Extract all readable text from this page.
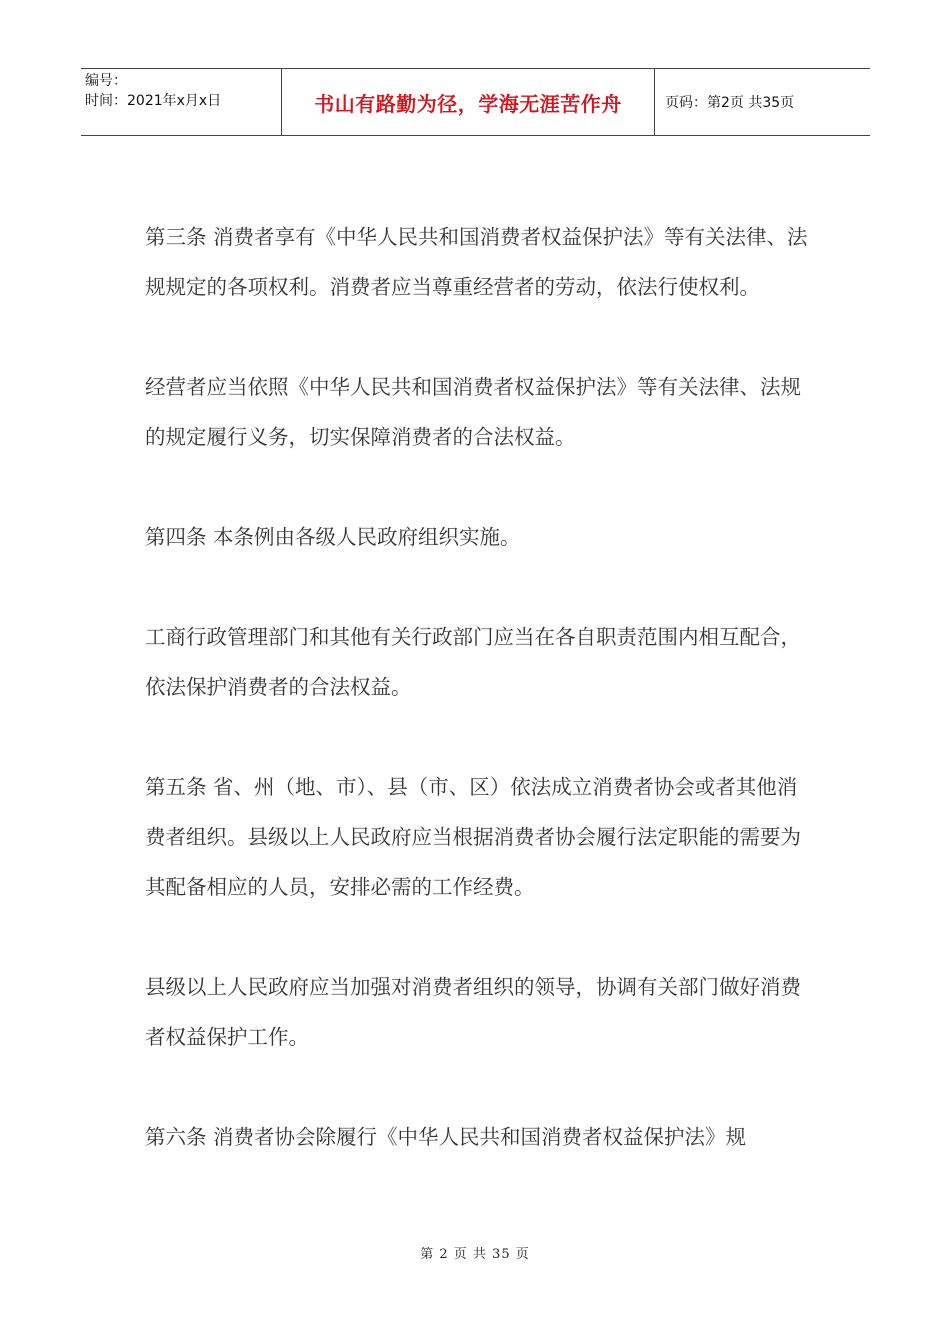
编号：
时间：2021年x月x日	书山有路勤为径，学海无涯苦作舟	页码：第2页 共35页

第三条 消费者享有《中华人民共和国消费者权益保护法》等有关法律、法规规定的各项权利。消费者应当尊重经营者的劳动，依法行使权利。

经营者应当依照《中华人民共和国消费者权益保护法》等有关法律、法规的规定履行义务，切实保障消费者的合法权益。

第四条 本条例由各级人民政府组织实施。

工商行政管理部门和其他有关行政部门应当在各自职责范围内相互配合，依法保护消费者的合法权益。

第五条 省、州（地、市）、县（市、区）依法成立消费者协会或者其他消费者组织。县级以上人民政府应当根据消费者协会履行法定职能的需要为其配备相应的人员，安排必需的工作经费。

县级以上人民政府应当加强对消费者组织的领导，协调有关部门做好消费者权益保护工作。

第六条 消费者协会除履行《中华人民共和国消费者权益保护法》规

第 2 页 共 35 页
